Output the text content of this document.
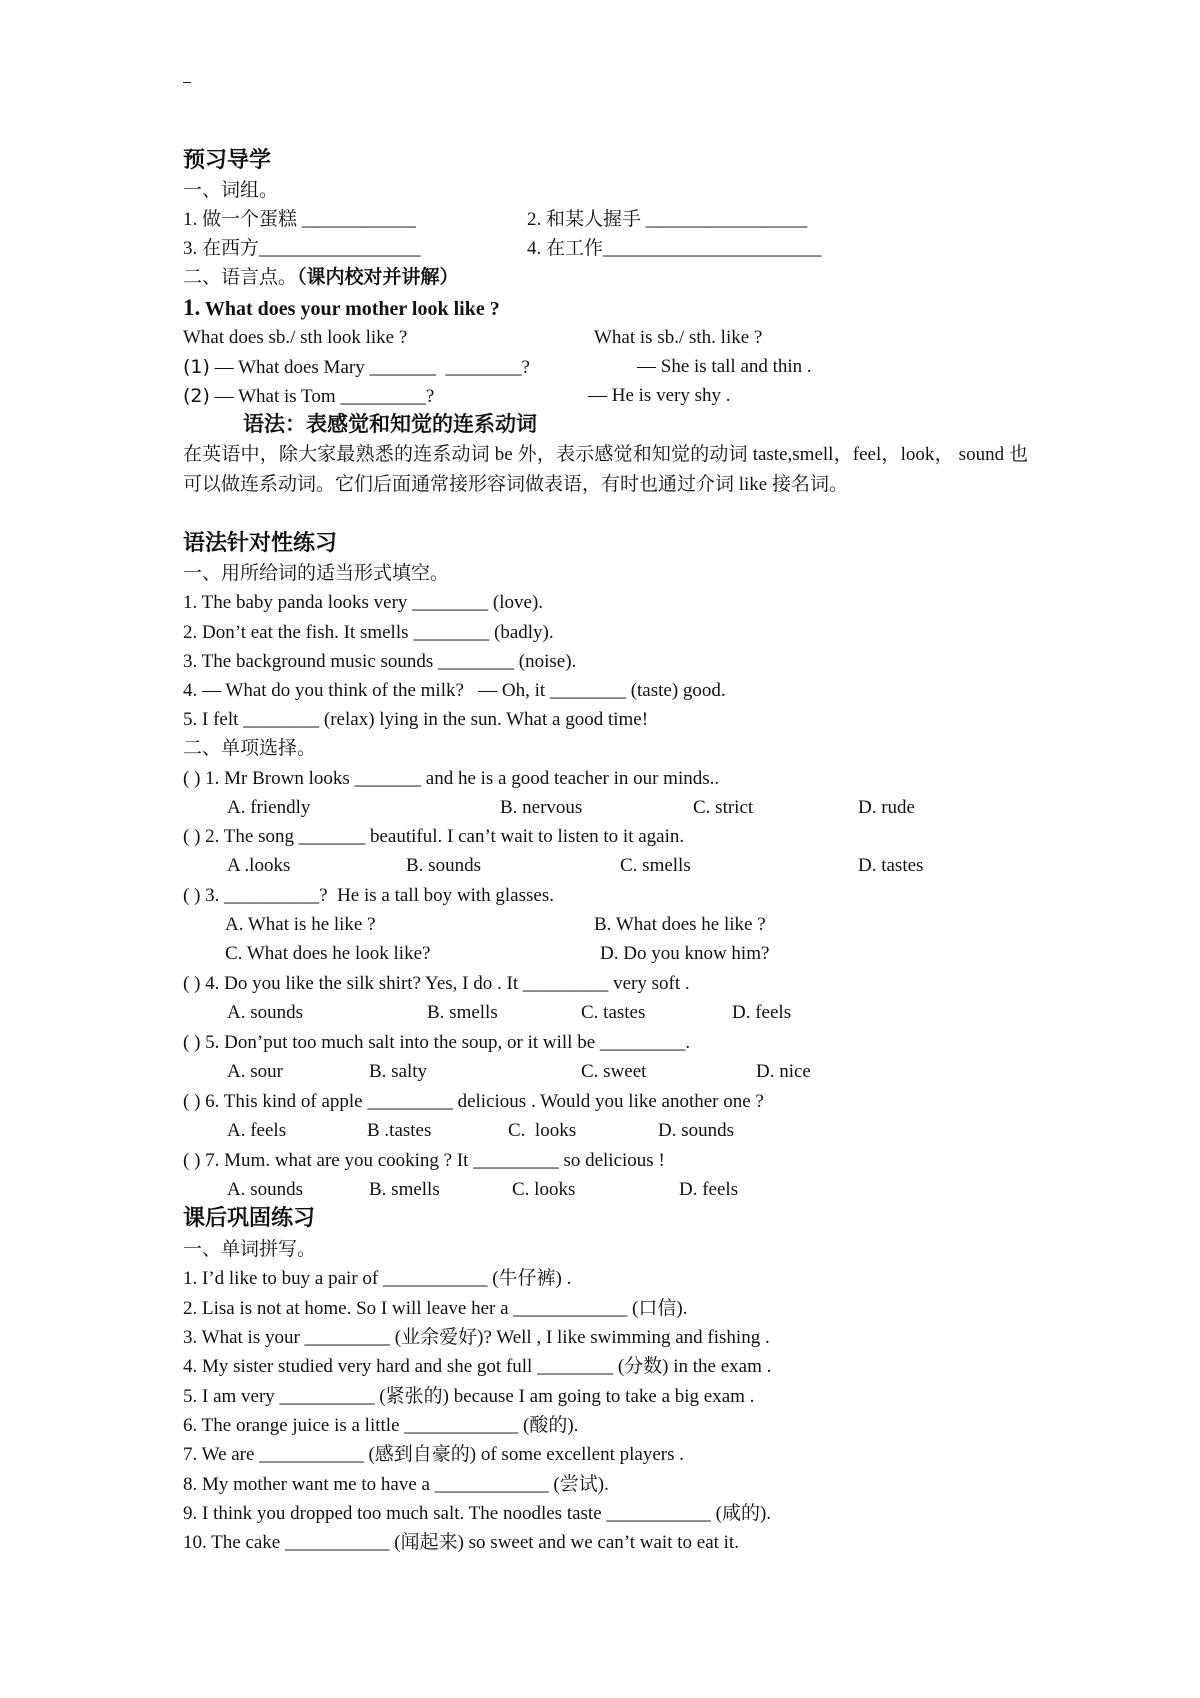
预习导学
一、词组。
1. 做一个蛋糕 ____________	2. 和某人握手 _________________
3. 在西方_________________	4. 在工作_______________________
二、语言点。（课内校对并讲解）
1. What does your mother look like ?
What does sb./ sth look like ?	What is sb./ sth. like ?
(1) — What does Mary _______  ________?	— She is tall and thin .
(2) — What is Tom _________?	— He is very shy .
语法：表感觉和知觉的连系动词
在英语中，除大家最熟悉的连系动词 be 外，表示感觉和知觉的动词 taste,smell，feel，look， sound 也可以做连系动词。它们后面通常接形容词做表语，有时也通过介词 like 接名词。
语法针对性练习
一、用所给词的适当形式填空。
1. The baby panda looks very ________ (love).
2. Don’t eat the fish. It smells ________ (badly).
3. The background music sounds ________ (noise).
4. — What do you think of the milk?   — Oh, it ________ (taste) good.
5. I felt ________ (relax) lying in the sun. What a good time!
二、单项选择。
( ) 1. Mr Brown looks _______ and he is a good teacher in our minds..
A. friendly	B. nervous	C. strict	D. rude
( ) 2. The song _______ beautiful. I can’t wait to listen to it again.
A .looks	B. sounds	C. smells	D. tastes
( ) 3. __________?  He is a tall boy with glasses.
A. What is he like ?	B. What does he like ?
C. What does he look like?	D. Do you know him?
( ) 4. Do you like the silk shirt? Yes, I do . It _________ very soft .
A. sounds	B. smells	C. tastes	D. feels
( ) 5. Don’put too much salt into the soup, or it will be _________.
A. sour	B. salty	C. sweet	D. nice
( ) 6. This kind of apple _________ delicious . Would you like another one ?
A. feels	B .tastes	C.  looks	D. sounds
( ) 7. Mum. what are you cooking ? It _________ so delicious !
A. sounds	B. smells	C. looks	D. feels
课后巩固练习
一、单词拼写。
1. I’d like to buy a pair of ___________ (牛仔裤) .
2. Lisa is not at home. So I will leave her a ____________ (口信).
3. What is your _________ (业余爱好)? Well , I like swimming and fishing .
4. My sister studied very hard and she got full ________ (分数) in the exam .
5. I am very __________ (紧张的) because I am going to take a big exam .
6. The orange juice is a little ____________ (酸的).
7. We are ___________ (感到自豪的) of some excellent players .
8. My mother want me to have a ____________ (尝试).
9. I think you dropped too much salt. The noodles taste ___________ (咸的).
10. The cake ___________ (闻起来) so sweet and we can’t wait to eat it.
